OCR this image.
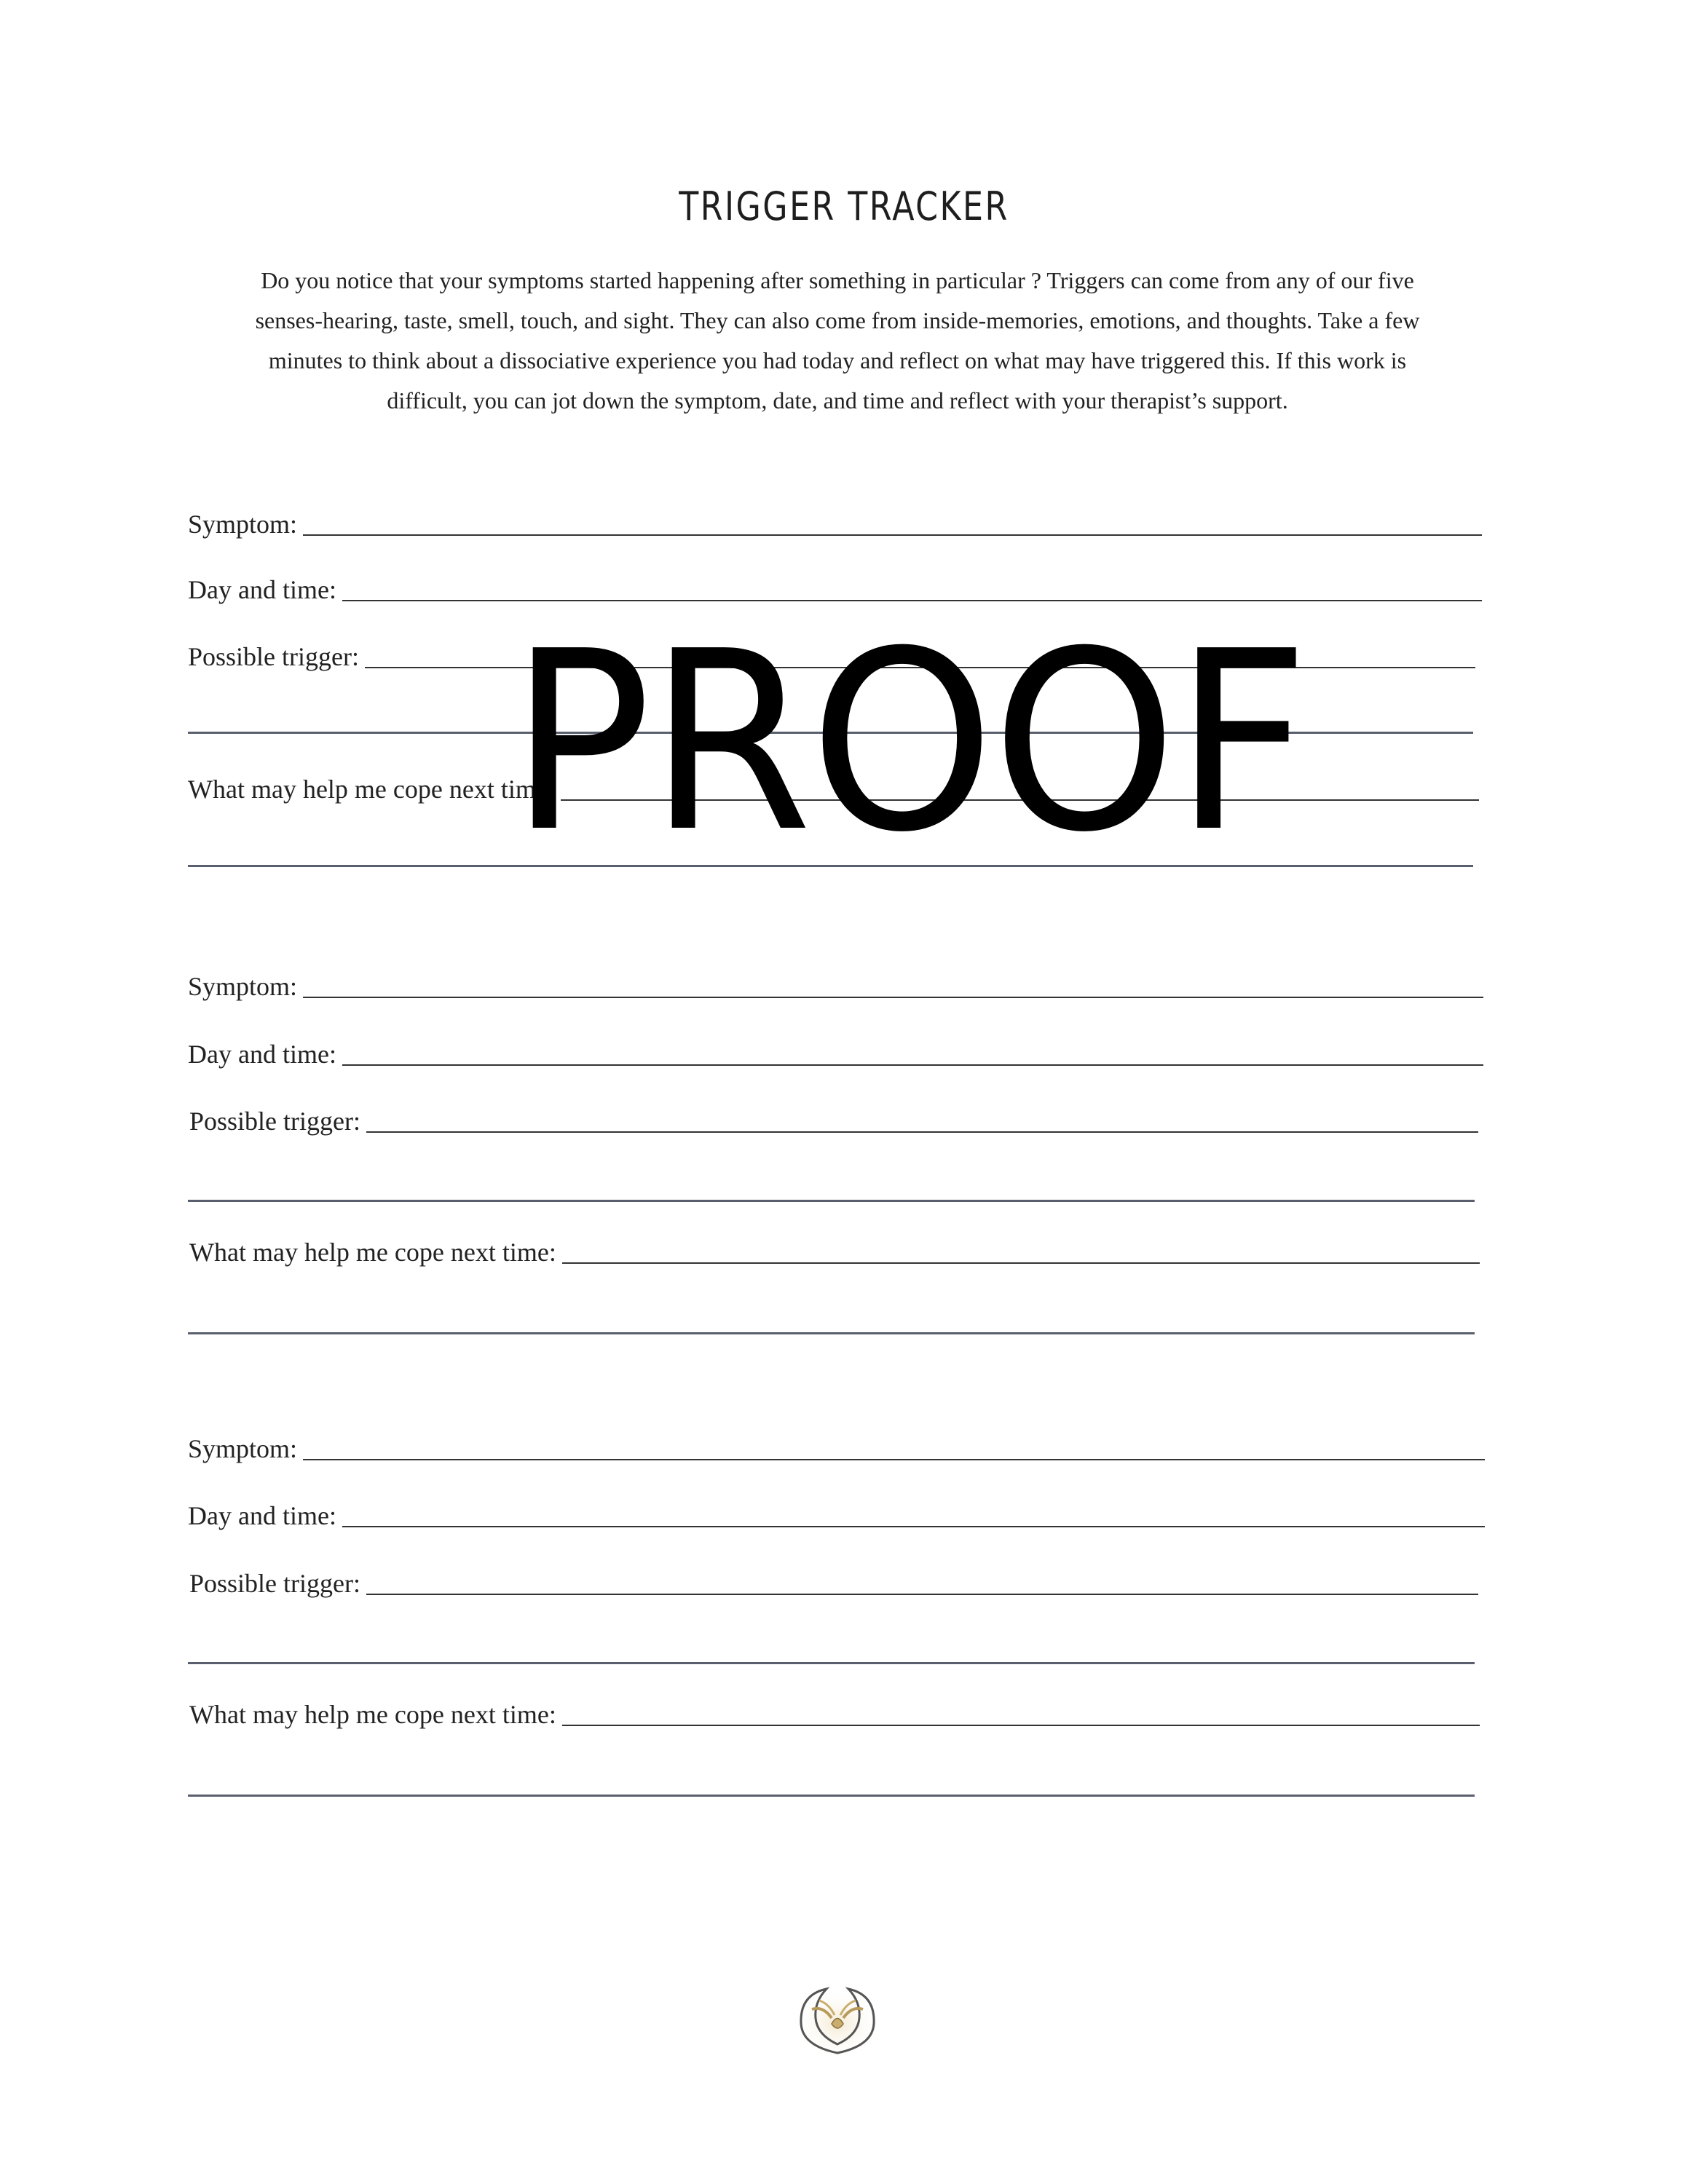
TRIGGER TRACKER

Do you notice that your symptoms started happening after something in particular ? Triggers can come from any of our five

senses-hearing, taste, smell, touch, and sight. They can also come from inside-memories, emotions, and thoughts. Take a few

minutes to think about a dissociative experience you had today and reflect on what may have triggered this. If this work is

difficult, you can jot down the symptom, date, and time and reflect with your therapist’s support.

Symptom:
Day and time:
Possible trigger:
What may help me cope next time:
Symptom:
Day and time:
Possible trigger:
What may help me cope next time:
Symptom:
Day and time:
Possible trigger:
What may help me cope next time:
PROOF
